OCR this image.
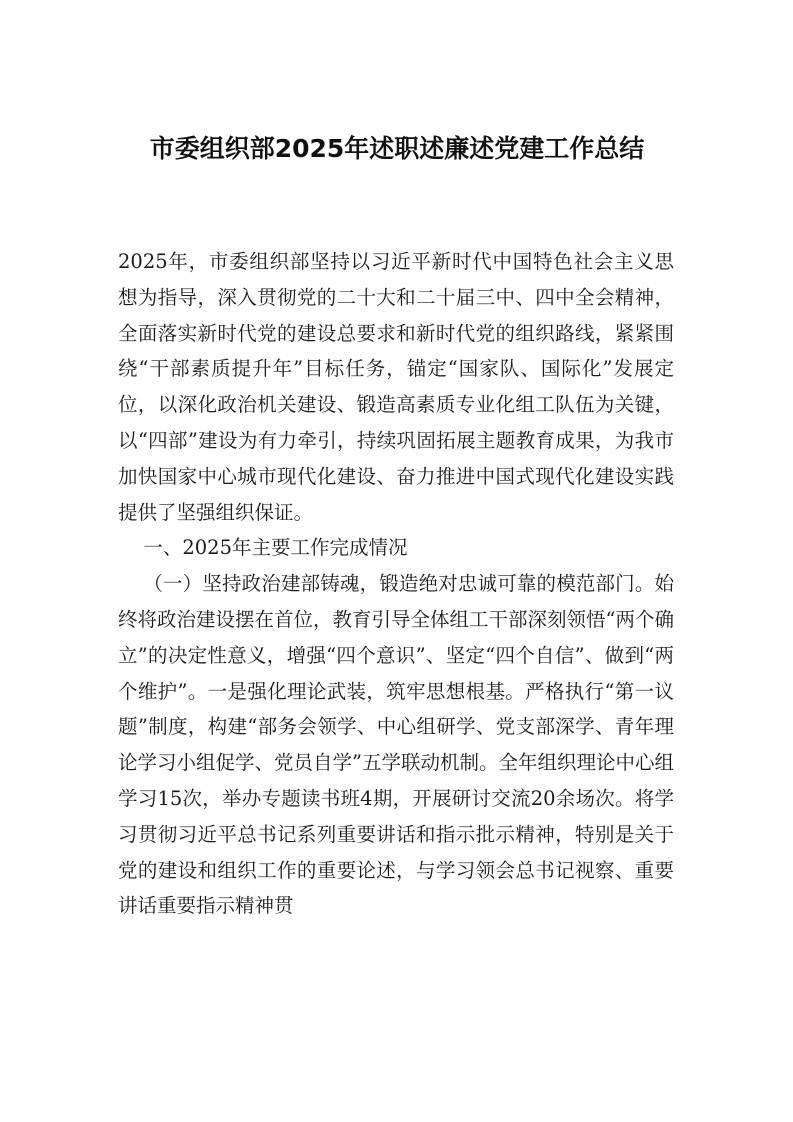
市委组织部2025年述职述廉述党建工作总结

2025年，市委组织部坚持以习近平新时代中国特色社会主义思想为指导，深入贯彻党的二十大和二十届三中、四中全会精神，全面落实新时代党的建设总要求和新时代党的组织路线，紧紧围绕“干部素质提升年”目标任务，锚定“国家队、国际化”发展定位，以深化政治机关建设、锻造高素质专业化组工队伍为关键，以“四部”建设为有力牵引，持续巩固拓展主题教育成果，为我市加快国家中心城市现代化建设、奋力推进中国式现代化建设实践提供了坚强组织保证。

一、2025年主要工作完成情况

（一）坚持政治建部铸魂，锻造绝对忠诚可靠的模范部门。始终将政治建设摆在首位，教育引导全体组工干部深刻领悟“两个确立”的决定性意义，增强“四个意识”、坚定“四个自信”、做到“两个维护”。一是强化理论武装，筑牢思想根基。严格执行“第一议题”制度，构建“部务会领学、中心组研学、党支部深学、青年理论学习小组促学、党员自学”五学联动机制。全年组织理论中心组学习15次，举办专题读书班4期，开展研讨交流20余场次。将学习贯彻习近平总书记系列重要讲话和指示批示精神，特别是关于党的建设和组织工作的重要论述，与学习领会总书记视察、重要讲话重要指示精神贯
